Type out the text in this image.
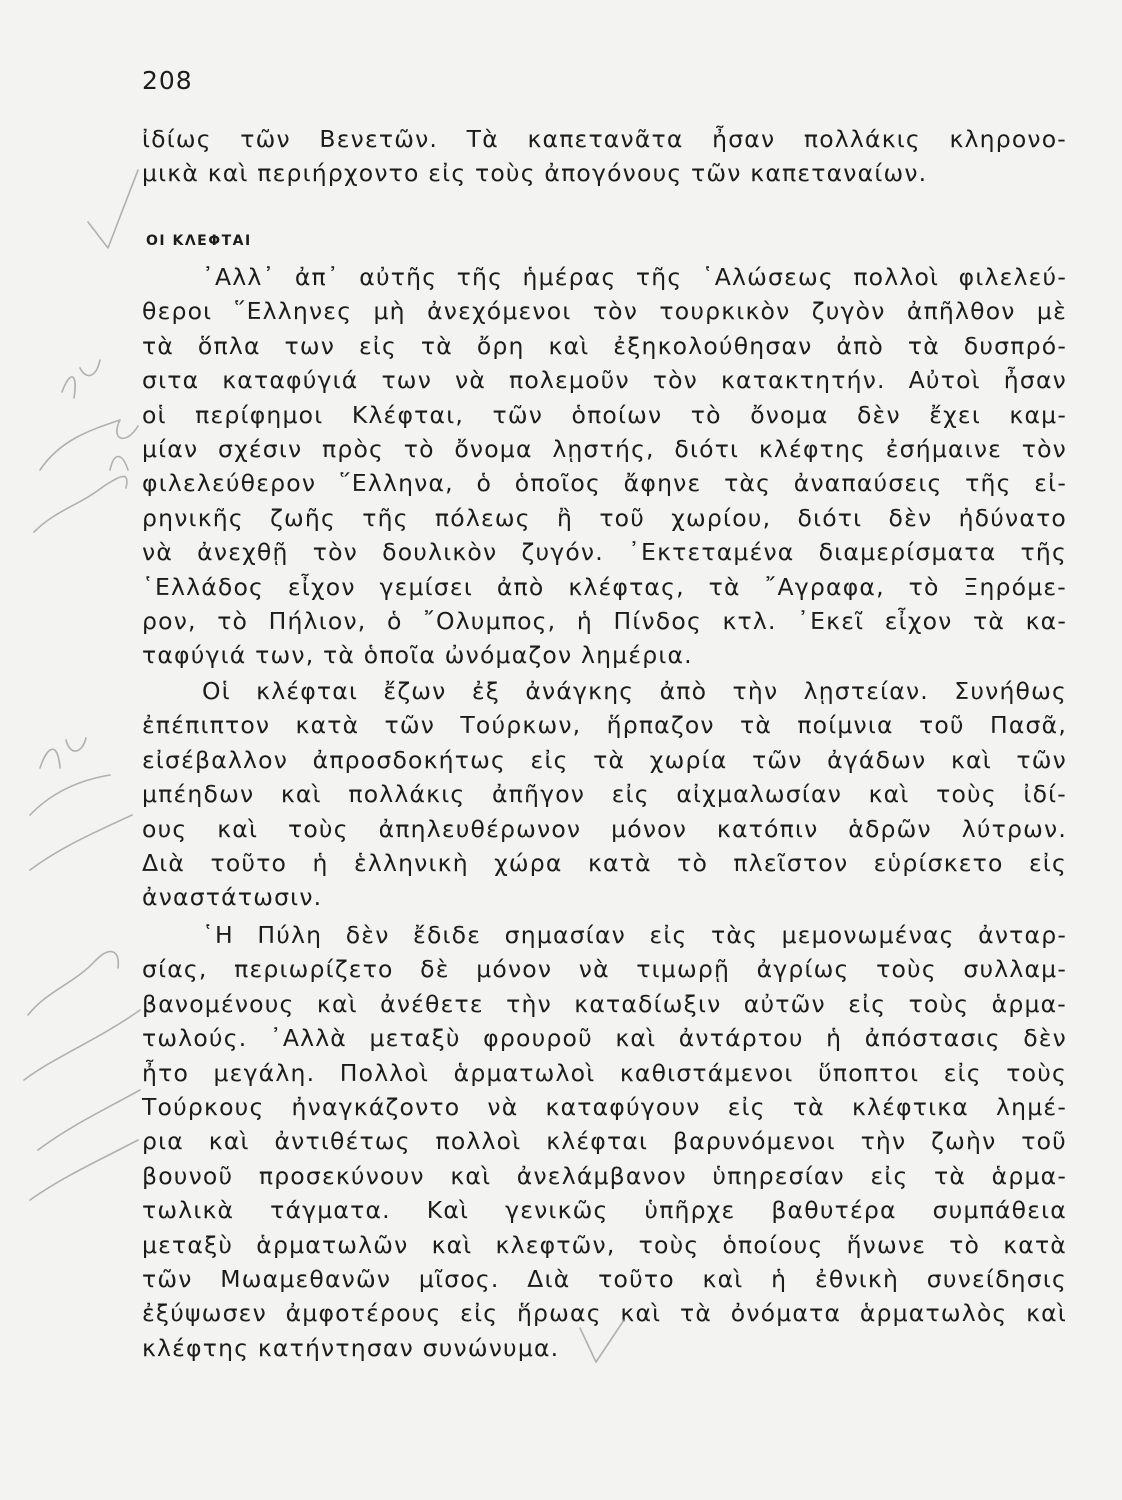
208
ἰδίως τῶν Βενετῶν. Τὰ καπετανᾶτα ἦσαν πολλάκις κληρονο-
μικὰ καὶ περιήρχοντο εἰς τοὺς ἀπογόνους τῶν καπεταναίων.
ΟΙ ΚΛΕΦΤΑΙ
᾿Αλλ᾿ ἀπ᾿ αὐτῆς τῆς ἡμέρας τῆς ῾Αλώσεως πολλοὶ φιλελεύ-
θεροι ῞Ελληνες μὴ ἀνεχόμενοι τὸν τουρκικὸν ζυγὸν ἀπῆλθον μὲ
τὰ ὅπλα των εἰς τὰ ὄρη καὶ ἐξηκολούθησαν ἀπὸ τὰ δυσπρό-
σιτα καταφύγιά των νὰ πολεμοῦν τὸν κατακτητήν. Αὐτοὶ ἦσαν
οἱ περίφημοι Κλέφται, τῶν ὁποίων τὸ ὄνομα δὲν ἔχει καμ-
μίαν σχέσιν πρὸς τὸ ὄνομα λῃστής, διότι κλέφτης ἐσήμαινε τὸν
φιλελεύθερον ῞Ελληνα, ὁ ὁποῖος ἄφηνε τὰς ἀναπαύσεις τῆς εἰ-
ρηνικῆς ζωῆς τῆς πόλεως ἢ τοῦ χωρίου, διότι δὲν ἠδύνατο
νὰ ἀνεχθῇ τὸν δουλικὸν ζυγόν. ᾿Εκτεταμένα διαμερίσματα τῆς
῾Ελλάδος εἶχον γεμίσει ἀπὸ κλέφτας, τὰ ῎Αγραφα, τὸ Ξηρόμε-
ρον, τὸ Πήλιον, ὁ ῎Ολυμπος, ἡ Πίνδος κτλ. ᾿Εκεῖ εἶχον τὰ κα-
ταφύγιά των, τὰ ὁποῖα ὠνόμαζον λημέρια.
Οἱ κλέφται ἔζων ἐξ ἀνάγκης ἀπὸ τὴν λῃστείαν. Συνήθως
ἐπέπιπτον κατὰ τῶν Τούρκων, ἥρπαζον τὰ ποίμνια τοῦ Πασᾶ,
εἰσέβαλλον ἀπροσδοκήτως εἰς τὰ χωρία τῶν ἀγάδων καὶ τῶν
μπέηδων καὶ πολλάκις ἀπῆγον εἰς αἰχμαλωσίαν καὶ τοὺς ἰδί-
ους καὶ τοὺς ἀπηλευθέρωνον μόνον κατόπιν ἁδρῶν λύτρων.
Διὰ τοῦτο ἡ ἑλληνικὴ χώρα κατὰ τὸ πλεῖστον εὑρίσκετο εἰς
ἀναστάτωσιν.
῾Η Πύλη δὲν ἔδιδε σημασίαν εἰς τὰς μεμονωμένας ἀνταρ-
σίας, περιωρίζετο δὲ μόνον νὰ τιμωρῇ ἀγρίως τοὺς συλλαμ-
βανομένους καὶ ἀνέθετε τὴν καταδίωξιν αὐτῶν εἰς τοὺς ἁρμα-
τωλούς. ᾿Αλλὰ μεταξὺ φρουροῦ καὶ ἀντάρτου ἡ ἀπόστασις δὲν
ἦτο μεγάλη. Πολλοὶ ἁρματωλοὶ καθιστάμενοι ὕποπτοι εἰς τοὺς
Τούρκους ἠναγκάζοντο νὰ καταφύγουν εἰς τὰ κλέφτικα λημέ-
ρια καὶ ἀντιθέτως πολλοὶ κλέφται βαρυνόμενοι τὴν ζωὴν τοῦ
βουνοῦ προσεκύνουν καὶ ἀνελάμβανον ὑπηρεσίαν εἰς τὰ ἁρμα-
τωλικὰ τάγματα. Καὶ γενικῶς ὑπῆρχε βαθυτέρα συμπάθεια
μεταξὺ ἁρματωλῶν καὶ κλεφτῶν, τοὺς ὁποίους ἥνωνε τὸ κατὰ
τῶν Μωαμεθανῶν μῖσος. Διὰ τοῦτο καὶ ἡ ἐθνικὴ συνείδησις
ἐξύψωσεν ἀμφοτέρους εἰς ἥρωας καὶ τὰ ὀνόματα ἁρματωλὸς καὶ
κλέφτης κατήντησαν συνώνυμα.
